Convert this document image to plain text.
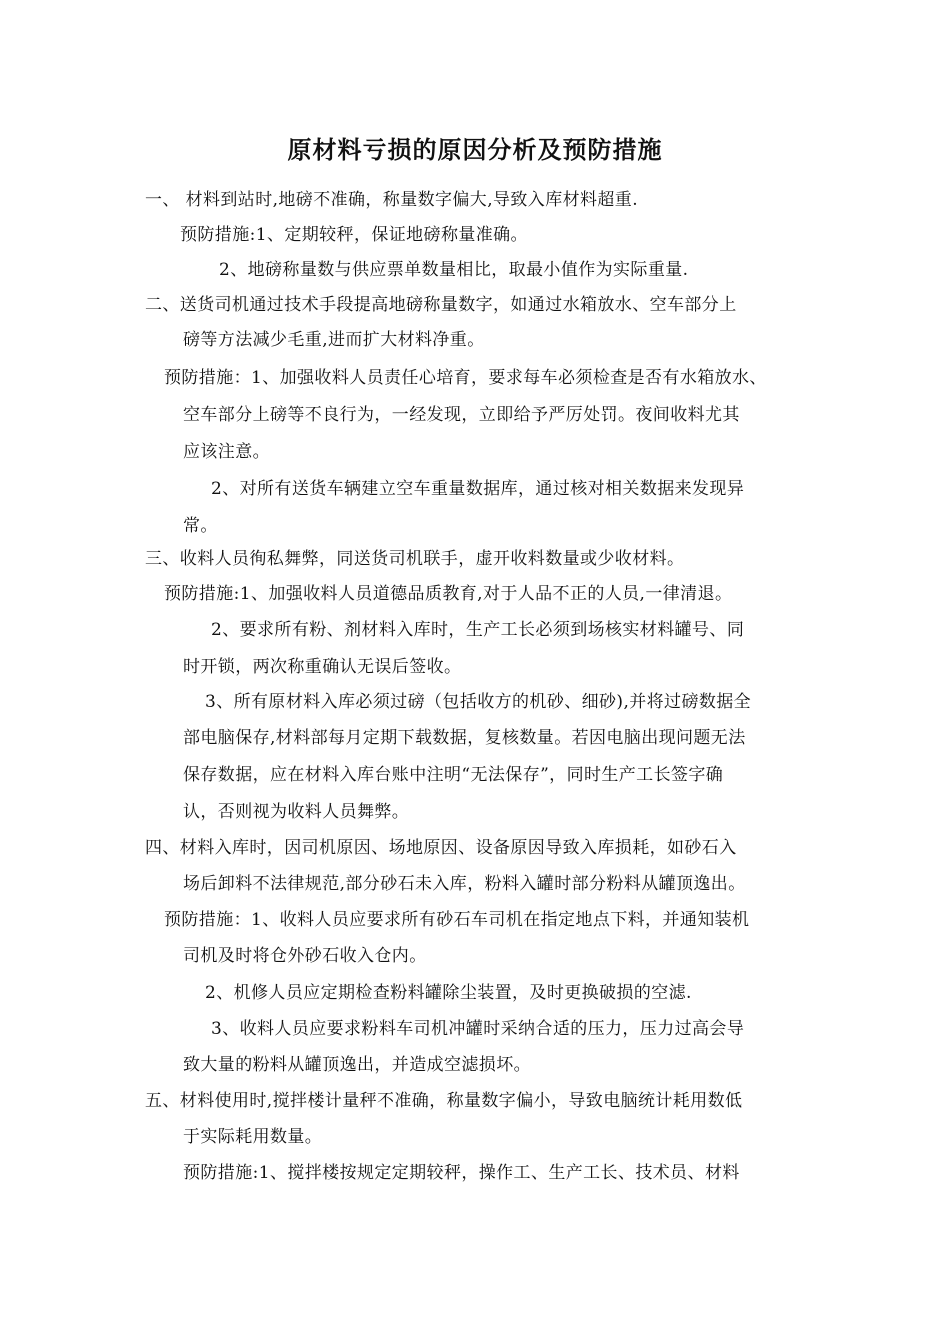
原材料亏损的原因分析及预防措施
一、 材料到站时,地磅不准确，称量数字偏大,导致入库材料超重.
预防措施:1、定期较秤，保证地磅称量准确。
2、地磅称量数与供应票单数量相比，取最小值作为实际重量.
二、送货司机通过技术手段提高地磅称量数字，如通过水箱放水、空车部分上
磅等方法减少毛重,进而扩大材料净重。
预防措施：1、加强收料人员责任心培育，要求每车必须检查是否有水箱放水、
空车部分上磅等不良行为，一经发现，立即给予严厉处罚。夜间收料尤其
应该注意。
2、对所有送货车辆建立空车重量数据库，通过核对相关数据来发现异
常。
三、收料人员徇私舞弊，同送货司机联手，虚开收料数量或少收材料。
预防措施:1、加强收料人员道德品质教育,对于人品不正的人员,一律清退。
2、要求所有粉、剂材料入库时，生产工长必须到场核实材料罐号、同
时开锁，两次称重确认无误后签收。
3、所有原材料入库必须过磅（包括收方的机砂、细砂),并将过磅数据全
部电脑保存,材料部每月定期下载数据，复核数量。若因电脑出现问题无法
保存数据，应在材料入库台账中注明“无法保存”，同时生产工长签字确
认，否则视为收料人员舞弊。
四、材料入库时，因司机原因、场地原因、设备原因导致入库损耗，如砂石入
场后卸料不法律规范,部分砂石未入库，粉料入罐时部分粉料从罐顶逸出。
预防措施：1、收料人员应要求所有砂石车司机在指定地点下料，并通知装机
司机及时将仓外砂石收入仓内。
2、机修人员应定期检查粉料罐除尘装置，及时更换破损的空滤.
3、收料人员应要求粉料车司机冲罐时采纳合适的压力，压力过高会导
致大量的粉料从罐顶逸出，并造成空滤损坏。
五、材料使用时,搅拌楼计量秤不准确，称量数字偏小，导致电脑统计耗用数低
于实际耗用数量。
预防措施:1、搅拌楼按规定定期较秤，操作工、生产工长、技术员、材料
